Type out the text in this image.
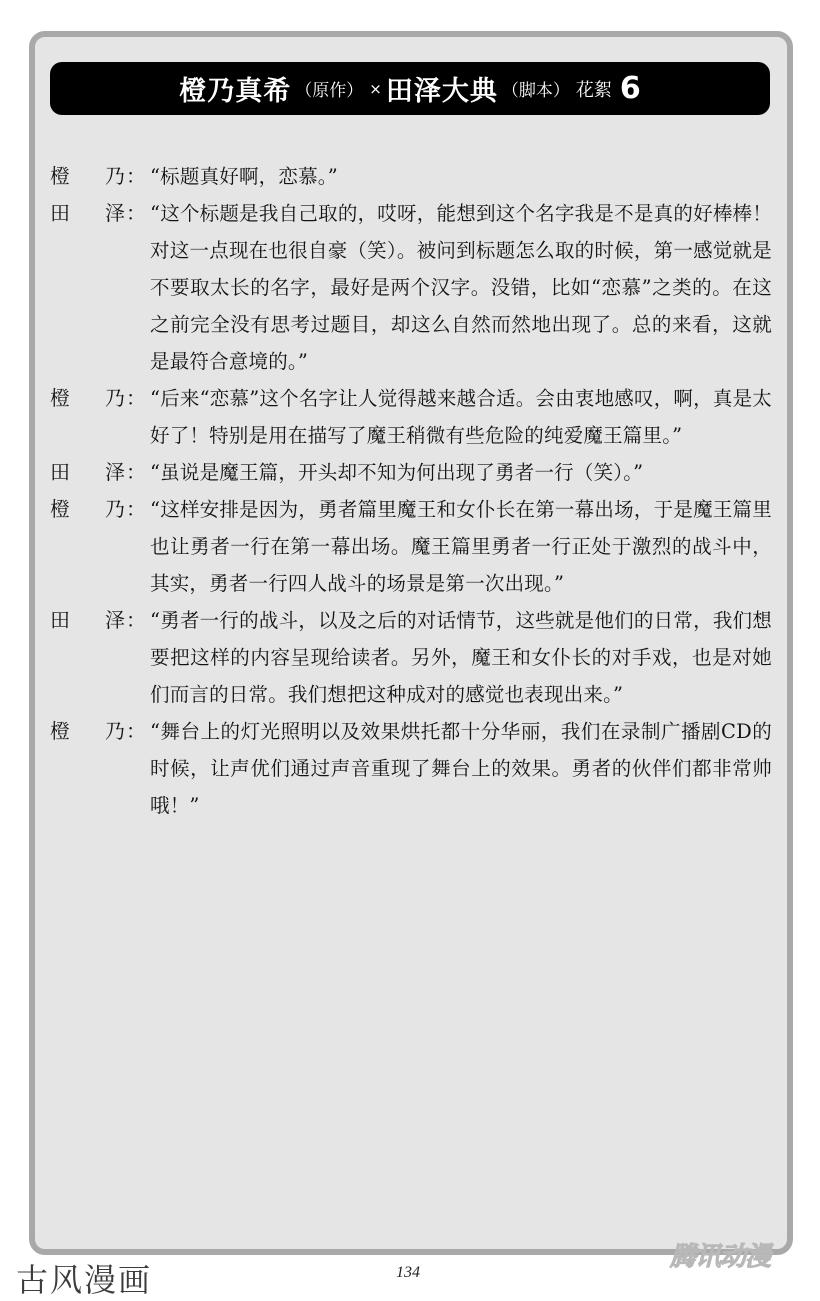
橙乃真希 （原作） × 田泽大典 （脚本） 花絮 6
橙 乃 ： “标题真好啊，恋慕。”
田 泽 ： “这个标题是我自己取的，哎呀，能想到这个名字我是不是真的好棒棒！对这一点现在也很自豪（笑）。被问到标题怎么取的时候，第一感觉就是不要取太长的名字，最好是两个汉字。没错，比如“恋慕”之类的。在这之前完全没有思考过题目，却这么自然而然地出现了。总的来看，这就是最符合意境的。”
橙 乃 ： “后来“恋慕”这个名字让人觉得越来越合适。会由衷地感叹，啊，真是太好了！特别是用在描写了魔王稍微有些危险的纯爱魔王篇里。”
田 泽 ： “虽说是魔王篇，开头却不知为何出现了勇者一行（笑）。”
橙 乃 ： “这样安排是因为，勇者篇里魔王和女仆长在第一幕出场，于是魔王篇里也让勇者一行在第一幕出场。魔王篇里勇者一行正处于激烈的战斗中，其实，勇者一行四人战斗的场景是第一次出现。”
田 泽 ： “勇者一行的战斗，以及之后的对话情节，这些就是他们的日常，我们想要把这样的内容呈现给读者。另外，魔王和女仆长的对手戏，也是对她们而言的日常。我们想把这种成对的感觉也表现出来。”
橙 乃 ： “舞台上的灯光照明以及效果烘托都十分华丽，我们在录制广播剧CD的时候，让声优们通过声音重现了舞台上的效果。勇者的伙伴们都非常帅哦！”
古风漫画	134
腾讯动漫
